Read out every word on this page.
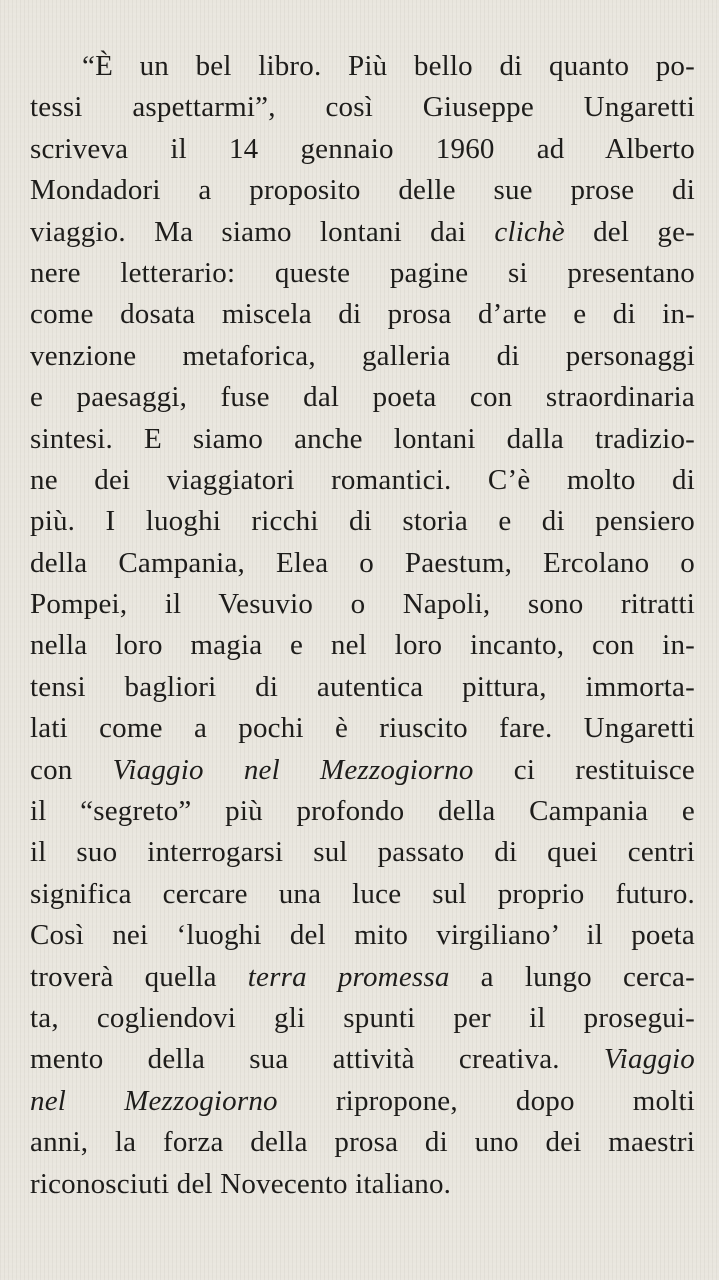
“È un bel libro. Più bello di quanto po-
tessi aspettarmi”, così Giuseppe Ungaretti
scriveva il 14 gennaio 1960 ad Alberto
Mondadori a proposito delle sue prose di
viaggio. Ma siamo lontani dai clichè del ge-
nere letterario: queste pagine si presentano
come dosata miscela di prosa d’arte e di in-
venzione metaforica, galleria di personaggi
e paesaggi, fuse dal poeta con straordinaria
sintesi. E siamo anche lontani dalla tradizio-
ne dei viaggiatori romantici. C’è molto di
più. I luoghi ricchi di storia e di pensiero
della Campania, Elea o Paestum, Ercolano o
Pompei, il Vesuvio o Napoli, sono ritratti
nella loro magia e nel loro incanto, con in-
tensi bagliori di autentica pittura, immorta-
lati come a pochi è riuscito fare. Ungaretti
con Viaggio nel Mezzogiorno ci restituisce
il “segreto” più profondo della Campania e
il suo interrogarsi sul passato di quei centri
significa cercare una luce sul proprio futuro.
Così nei ‘luoghi del mito virgiliano’ il poeta
troverà quella terra promessa a lungo cerca-
ta, cogliendovi gli spunti per il prosegui-
mento della sua attività creativa. Viaggio
nel Mezzogiorno ripropone, dopo molti
anni, la forza della prosa di uno dei maestri
riconosciuti del Novecento italiano.
